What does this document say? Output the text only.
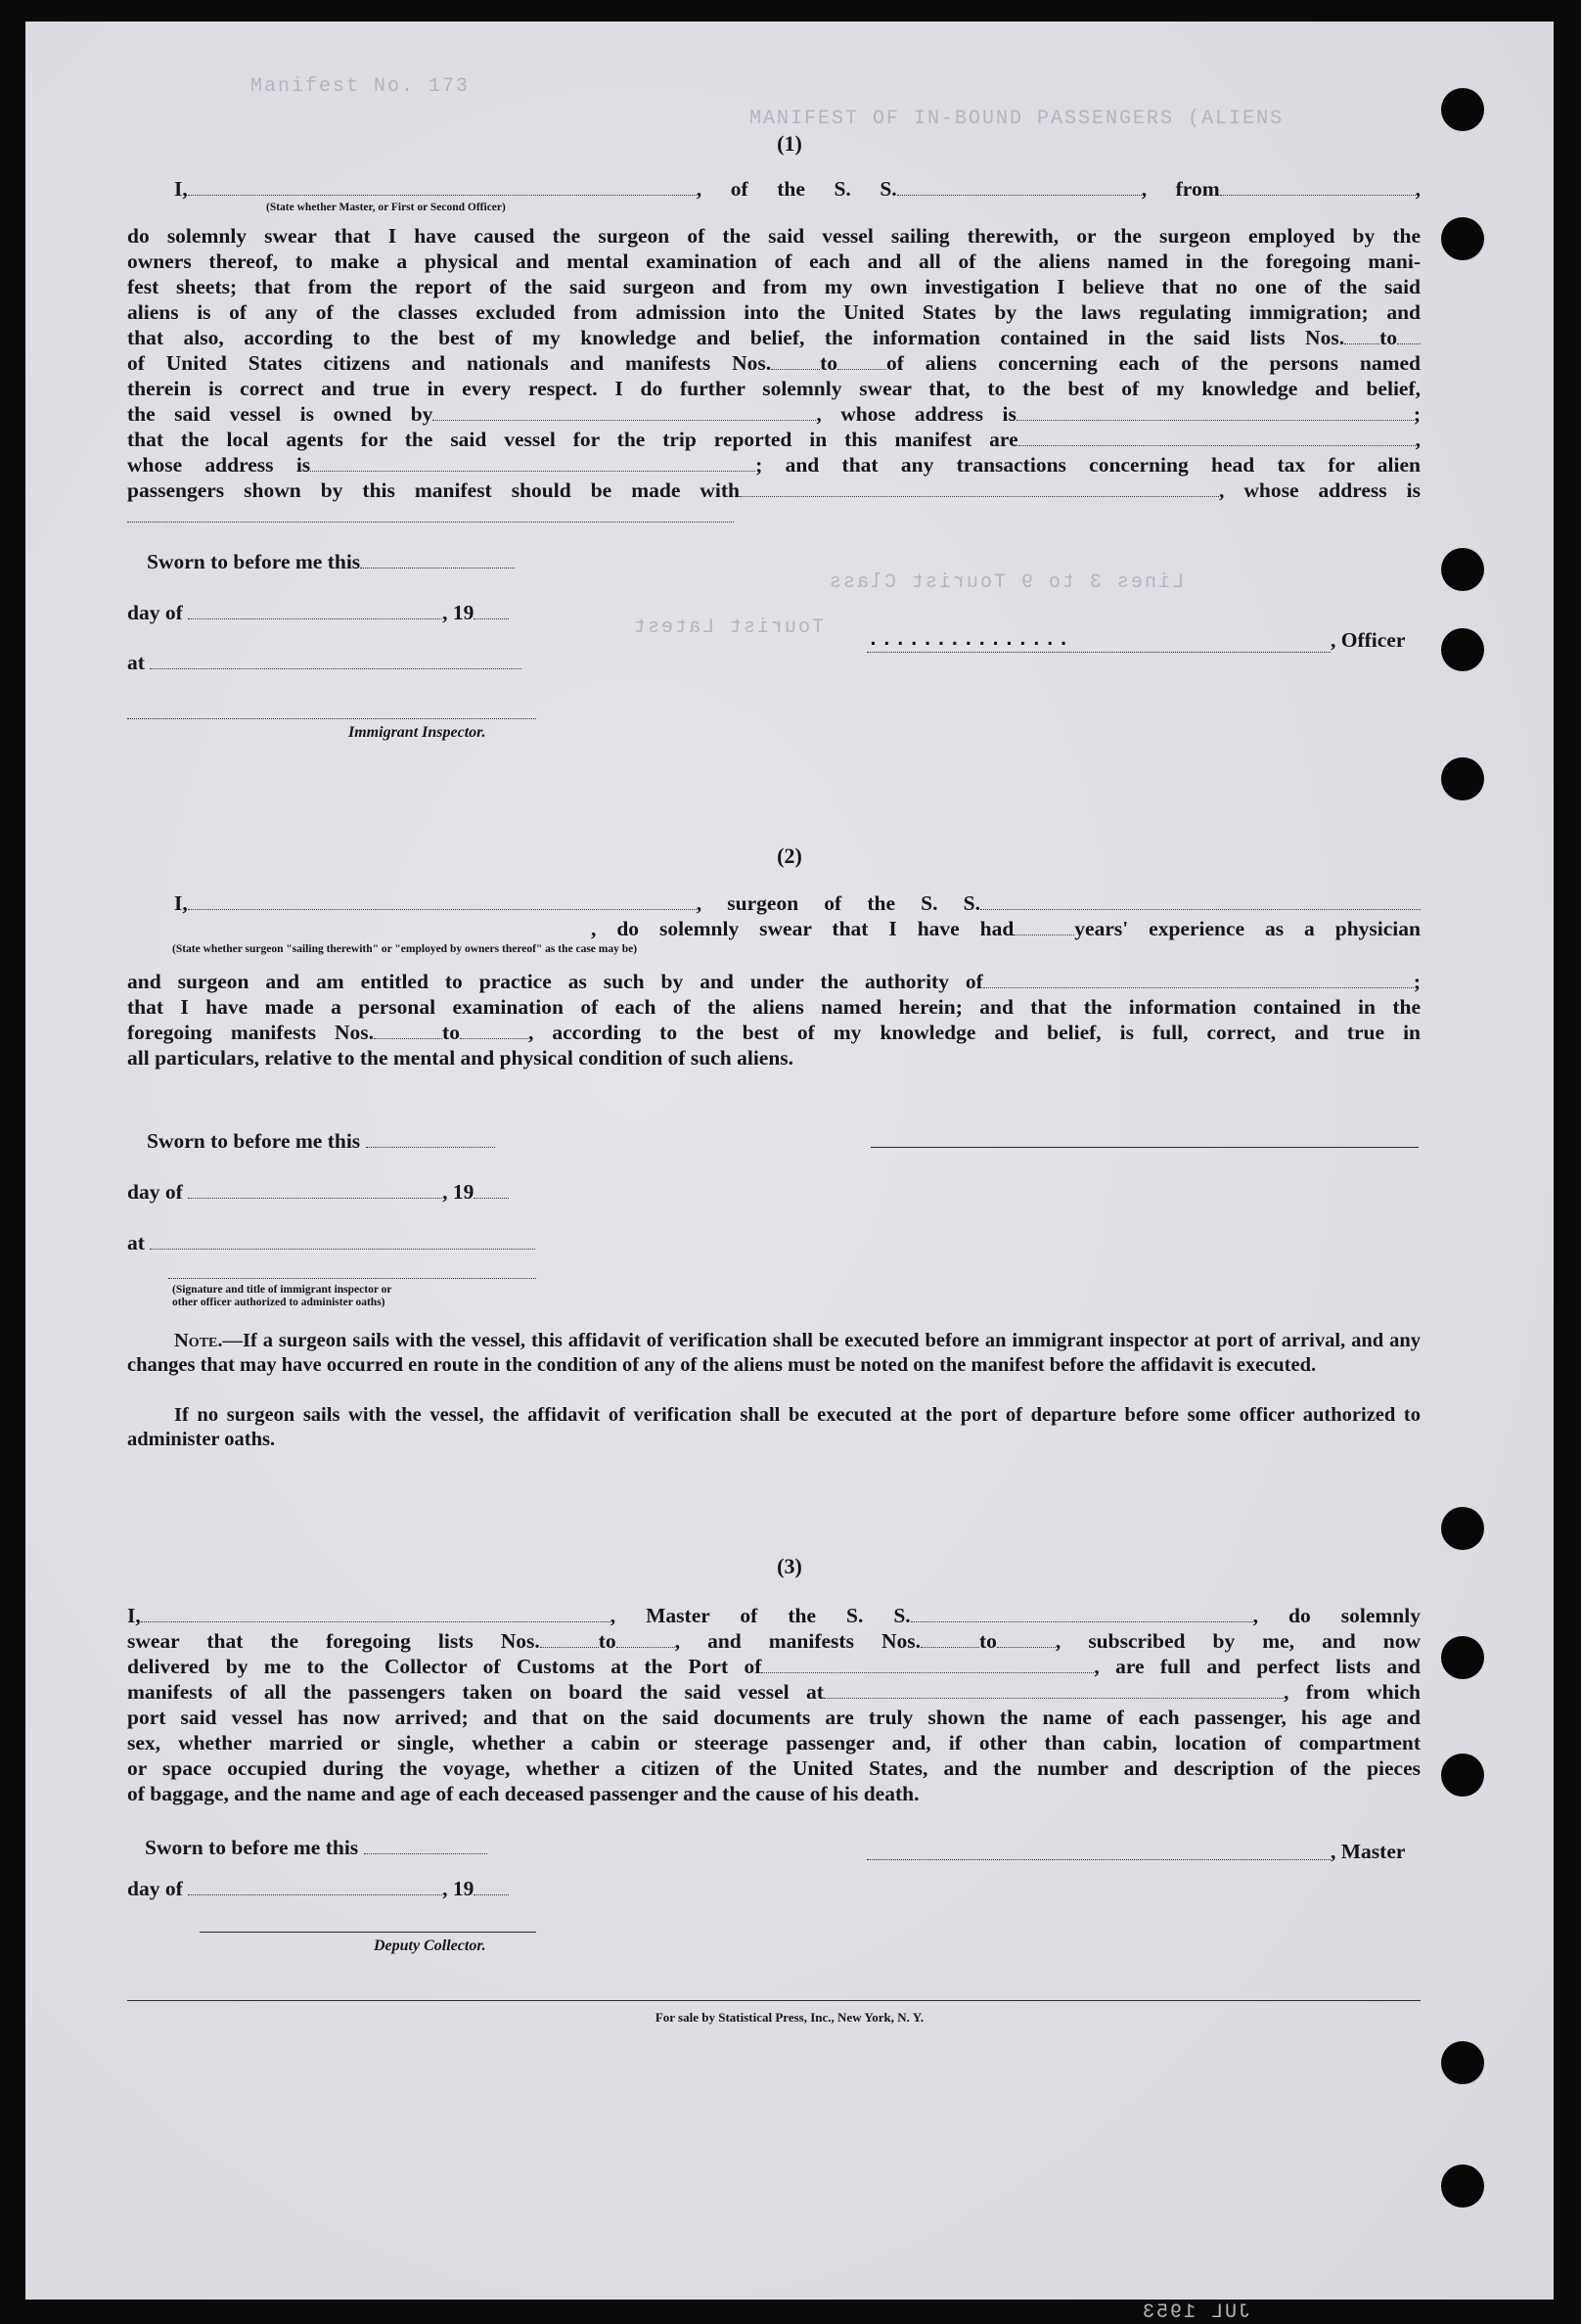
MANIFEST OF IN-BOUND PASSENGERS (ALIENS
Manifest No. 173
Lines 3 to 9 Tourist Class
Tourist Latest
JUL 1953
(1)
I,	, of the S. S.	, from	,
(State whether Master, or First or Second Officer)
do solemnly swear that I have caused the surgeon of the said vessel sailing therewith, or the surgeon employed by the
owners thereof, to make a physical and mental examination of each and all of the aliens named in the foregoing mani-
fest sheets; that from the report of the said surgeon and from my own investigation I believe that no one of the said
aliens is of any of the classes excluded from admission into the United States by the laws regulating immigration; and
that also, according to the best of my knowledge and belief, the information contained in the said lists Nos. to
of United States citizens and nationals and manifests Nos. to of aliens concerning each of the persons named
therein is correct and true in every respect. I do further solemnly swear that, to the best of my knowledge and belief,
the said vessel is owned by	, whose address is	;
that the local agents for the said vessel for the trip reported in this manifest are	,
whose address is	; and that any transactions concerning head tax for alien
passengers shown by this manifest should be made with	, whose address is
Sworn to before me this
day of	, 19
at
Immigrant Inspector.
...............	, Officer
(2)
I,	, surgeon of the S. S.
, do solemnly swear that I have had	years' experience as a physician
(State whether surgeon "sailing therewith" or "employed by owners thereof" as the case may be)
and surgeon and am entitled to practice as such by and under the authority of	;
that I have made a personal examination of each of the aliens named herein; and that the information contained in the
foregoing manifests Nos.	to	, according to the best of my knowledge and belief, is full, correct, and true in
all particulars, relative to the mental and physical condition of such aliens.
Sworn to before me this
day of	, 19
at
(Signature and title of immigrant inspector or
other officer authorized to administer oaths)
Note.—If a surgeon sails with the vessel, this affidavit of verification shall be executed before an immigrant inspector at port of arrival, and any changes that may have occurred en route in the condition of any of the aliens must be noted on the manifest before the affidavit is executed.
If no surgeon sails with the vessel, the affidavit of verification shall be executed at the port of departure before some officer authorized to administer oaths.
(3)
I,	, Master of the S. S.	, do solemnly
swear that the foregoing lists Nos.	to	, and manifests Nos.	to	, subscribed by me, and now
delivered by me to the Collector of Customs at the Port of	, are full and perfect lists and
manifests of all the passengers taken on board the said vessel at	, from which
port said vessel has now arrived; and that on the said documents are truly shown the name of each passenger, his age and
sex, whether married or single, whether a cabin or steerage passenger and, if other than cabin, location of compartment
or space occupied during the voyage, whether a citizen of the United States, and the number and description of the pieces
of baggage, and the name and age of each deceased passenger and the cause of his death.
Sworn to before me this	, Master
day of	, 19
Deputy Collector.
For sale by Statistical Press, Inc., New York, N. Y.
